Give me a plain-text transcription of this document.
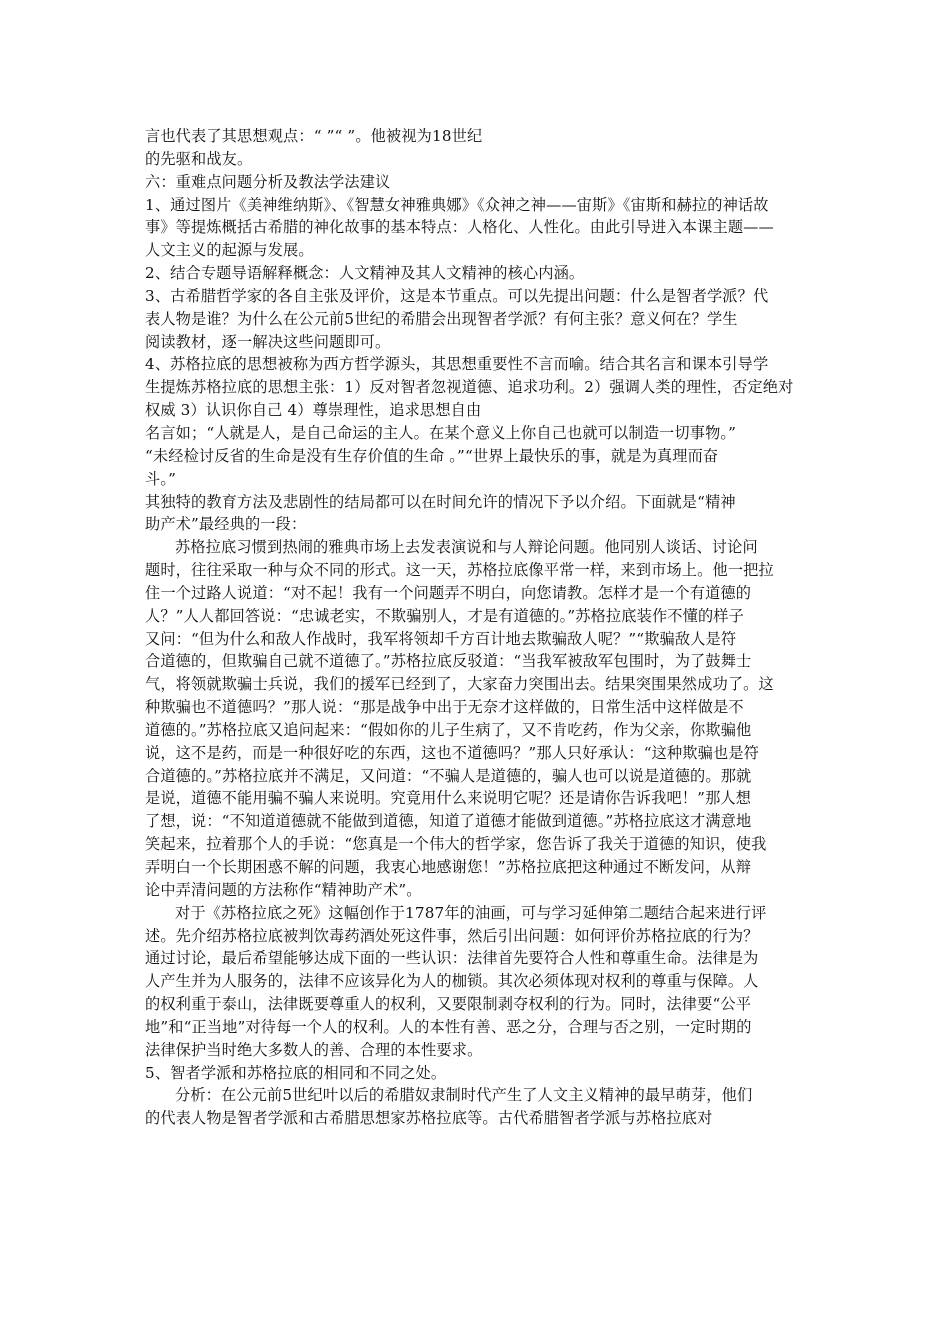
言也代表了其思想观点：“ ”“ ”。他被视为18世纪
的先驱和战友。
六：重难点问题分析及教法学法建议
1、通过图片《美神维纳斯》、《智慧女神雅典娜》《众神之神——宙斯》《宙斯和赫拉的神话故
事》等提炼概括古希腊的神化故事的基本特点：人格化、人性化。由此引导进入本课主题——
人文主义的起源与发展。
2、结合专题导语解释概念：人文精神及其人文精神的核心内涵。
3、古希腊哲学家的各自主张及评价，这是本节重点。可以先提出问题：什么是智者学派？代
表人物是谁？为什么在公元前5世纪的希腊会出现智者学派？有何主张？意义何在？学生
阅读教材，逐一解决这些问题即可。
4、苏格拉底的思想被称为西方哲学源头，其思想重要性不言而喻。结合其名言和课本引导学
生提炼苏格拉底的思想主张：1）反对智者忽视道德、追求功利。2）强调人类的理性，否定绝对
权威 3）认识你自己 4）尊崇理性，追求思想自由
名言如；“人就是人，是自己命运的主人。在某个意义上你自己也就可以制造一切事物。”
“未经检讨反省的生命是没有生存价值的生命 。”“世界上最快乐的事，就是为真理而奋
斗。”
其独特的教育方法及悲剧性的结局都可以在时间允许的情况下予以介绍。下面就是“精神
助产术”最经典的一段：
苏格拉底习惯到热闹的雅典市场上去发表演说和与人辩论问题。他同别人谈话、讨论问
题时，往往采取一种与众不同的形式。这一天，苏格拉底像平常一样，来到市场上。他一把拉
住一个过路人说道：“对不起！我有一个问题弄不明白，向您请教。怎样才是一个有道德的
人？”人人都回答说：“忠诚老实，不欺骗别人，才是有道德的。”苏格拉底装作不懂的样子
又问：“但为什么和敌人作战时，我军将领却千方百计地去欺骗敌人呢？”“欺骗敌人是符
合道德的，但欺骗自己就不道德了。”苏格拉底反驳道：“当我军被敌军包围时，为了鼓舞士
气，将领就欺骗士兵说，我们的援军已经到了，大家奋力突围出去。结果突围果然成功了。这
种欺骗也不道德吗？”那人说：“那是战争中出于无奈才这样做的，日常生活中这样做是不
道德的。”苏格拉底又追问起来：“假如你的儿子生病了，又不肯吃药，作为父亲，你欺骗他
说，这不是药，而是一种很好吃的东西，这也不道德吗？”那人只好承认：“这种欺骗也是符
合道德的。”苏格拉底并不满足，又问道：“不骗人是道德的，骗人也可以说是道德的。那就
是说，道德不能用骗不骗人来说明。究竟用什么来说明它呢？还是请你告诉我吧！”那人想
了想，说：“不知道道德就不能做到道德，知道了道德才能做到道德。”苏格拉底这才满意地
笑起来，拉着那个人的手说：“您真是一个伟大的哲学家，您告诉了我关于道德的知识，使我
弄明白一个长期困惑不解的问题，我衷心地感谢您！”苏格拉底把这种通过不断发问，从辩
论中弄清问题的方法称作“精神助产术”。
对于《苏格拉底之死》这幅创作于1787年的油画，可与学习延伸第二题结合起来进行评
述。先介绍苏格拉底被判饮毒药酒处死这件事，然后引出问题：如何评价苏格拉底的行为？
通过讨论，最后希望能够达成下面的一些认识：法律首先要符合人性和尊重生命。法律是为
人产生并为人服务的，法律不应该异化为人的枷锁。其次必须体现对权利的尊重与保障。人
的权利重于泰山，法律既要尊重人的权利，又要限制剥夺权利的行为。同时，法律要“公平
地”和“正当地”对待每一个人的权利。人的本性有善、恶之分，合理与否之别，一定时期的
法律保护当时绝大多数人的善、合理的本性要求。
5、智者学派和苏格拉底的相同和不同之处。
分析：在公元前5世纪叶以后的希腊奴隶制时代产生了人文主义精神的最早萌芽，他们
的代表人物是智者学派和古希腊思想家苏格拉底等。古代希腊智者学派与苏格拉底对
